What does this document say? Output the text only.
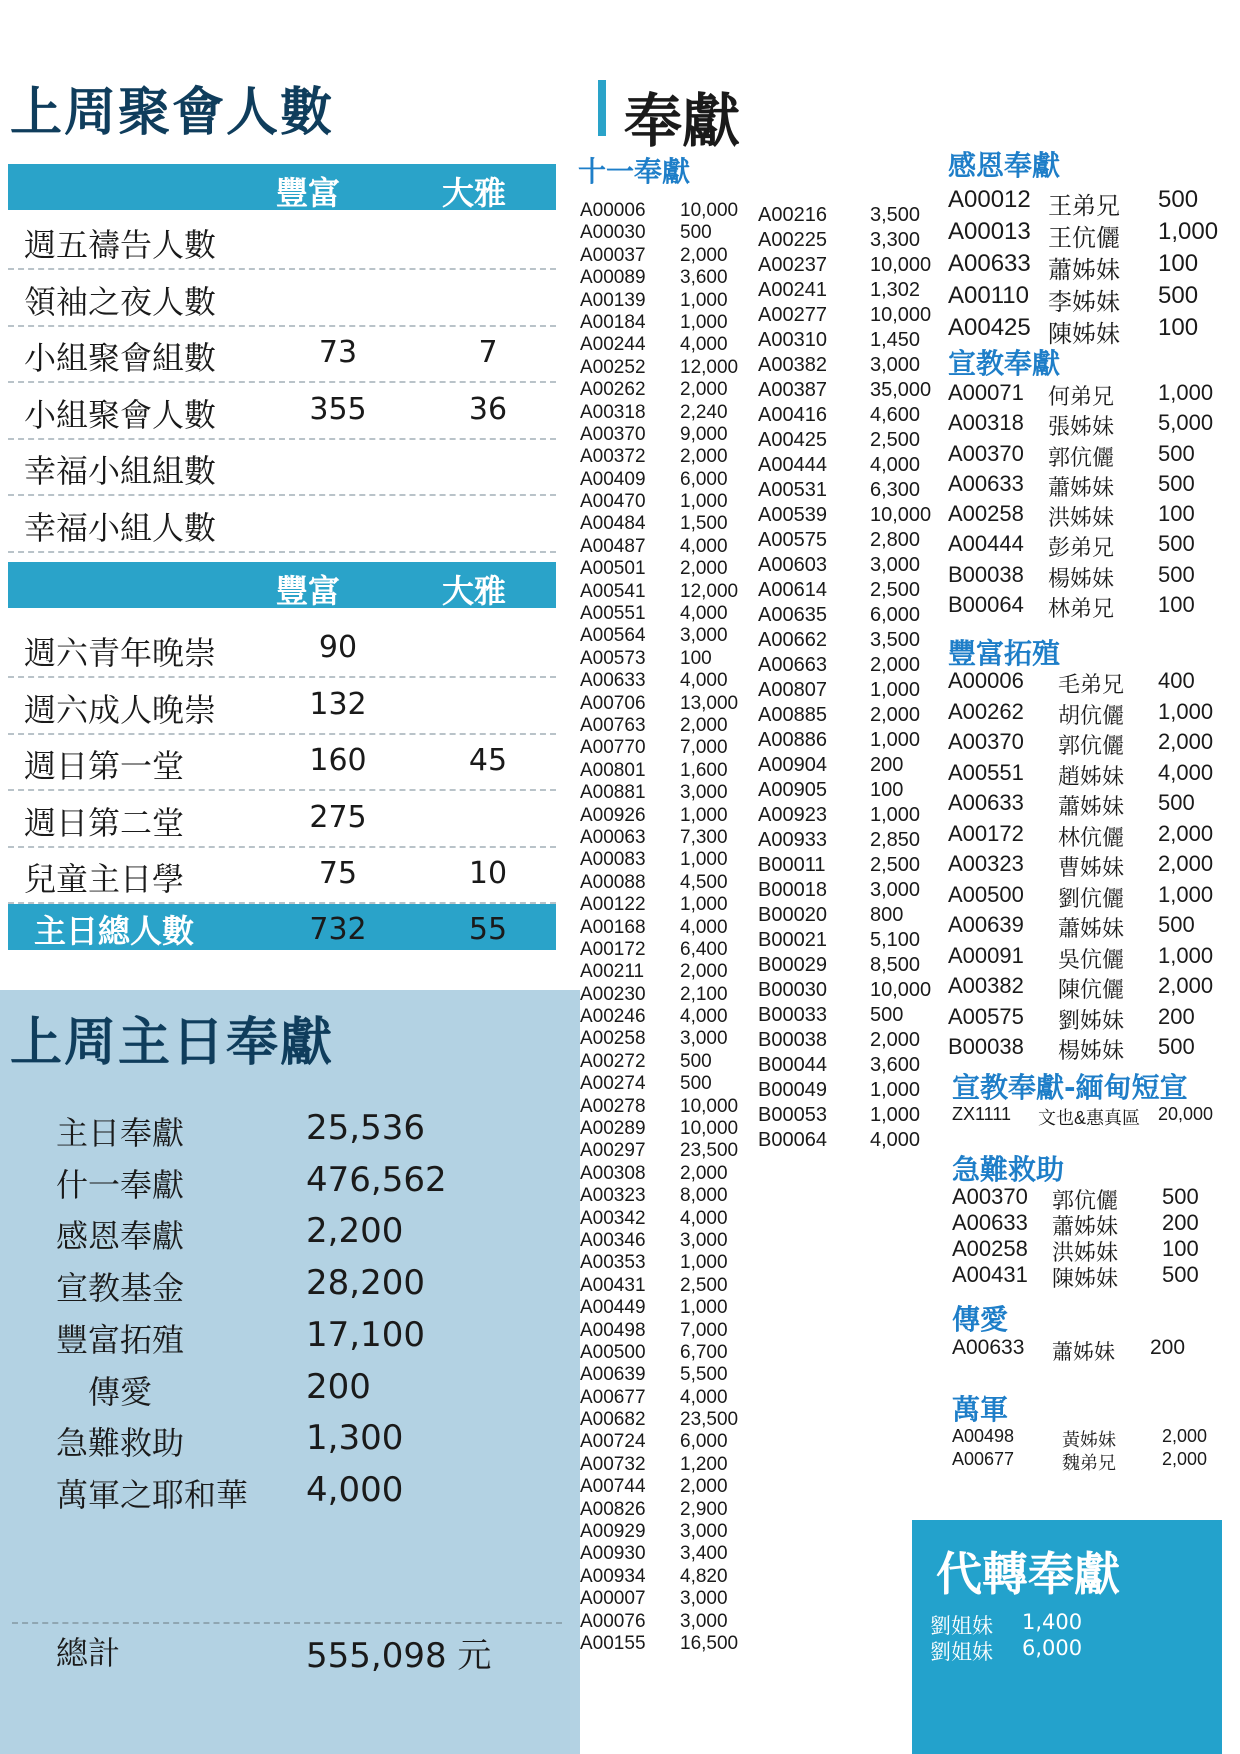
上周聚會人數
豐富	大雅
週五禱告人數
領袖之夜人數
小組聚會組數	73	7
小組聚會人數	355	36
幸福小組組數
幸福小組人數
豐富	大雅
週六青年晚崇	90
週六成人晚崇	132
週日第一堂	160	45
週日第二堂	275
兒童主日學	75	10
主日總人數	732	55
上周主日奉獻
主日奉獻	25,536
什一奉獻	476,562
感恩奉獻	2,200
宣教基金	28,200
豐富拓殖	17,100
傳愛	200
急難救助	1,300
萬軍之耶和華 4,000
總計	555,098 元
奉獻
十一奉獻
A00006 10,000
A00030 500
A00037 2,000
A00089 3,600
A00139 1,000
A00184 1,000
A00244 4,000
A00252 12,000
A00262 2,000
A00318 2,240
A00370 9,000
A00372 2,000
A00409 6,000
A00470 1,000
A00484 1,500
A00487 4,000
A00501 2,000
A00541 12,000
A00551 4,000
A00564 3,000
A00573 100
A00633 4,000
A00706 13,000
A00763 2,000
A00770 7,000
A00801 1,600
A00881 3,000
A00926 1,000
A00063 7,300
A00083 1,000
A00088 4,500
A00122 1,000
A00168 4,000
A00172 6,400
A00211 2,000
A00230 2,100
A00246 4,000
A00258 3,000
A00272 500
A00274 500
A00278 10,000
A00289 10,000
A00297 23,500
A00308 2,000
A00323 8,000
A00342 4,000
A00346 3,000
A00353 1,000
A00431 2,500
A00449 1,000
A00498 7,000
A00500 6,700
A00639 5,500
A00677 4,000
A00682 23,500
A00724 6,000
A00732 1,200
A00744 2,000
A00826 2,900
A00929 3,000
A00930 3,400
A00934 4,820
A00007 3,000
A00076 3,000
A00155 16,500
A00216 3,500
A00225 3,300
A00237 10,000
A00241 1,302
A00277 10,000
A00310 1,450
A00382 3,000
A00387 35,000
A00416 4,600
A00425 2,500
A00444 4,000
A00531 6,300
A00539 10,000
A00575 2,800
A00603 3,000
A00614 2,500
A00635 6,000
A00662 3,500
A00663 2,000
A00807 1,000
A00885 2,000
A00886 1,000
A00904 200
A00905 100
A00923 1,000
A00933 2,850
B00011 2,500
B00018 3,000
B00020 800
B00021 5,100
B00029 8,500
B00030 10,000
B00033 500
B00038 2,000
B00044 3,600
B00049 1,000
B00053 1,000
B00064 4,000
感恩奉獻
A00012 王弟兄 500
A00013 王伉儷 1,000
A00633 蕭姊妹 100
A00110 李姊妹 500
A00425 陳姊妹 100
宣教奉獻
A00071 何弟兄 1,000
A00318 張姊妹 5,000
A00370 郭伉儷 500
A00633 蕭姊妹 500
A00258 洪姊妹 100
A00444 彭弟兄 500
B00038 楊姊妹 500
B00064 林弟兄 100
豐富拓殖
A00006 毛弟兄 400
A00262 胡伉儷 1,000
A00370 郭伉儷 2,000
A00551 趙姊妹 4,000
A00633 蕭姊妹 500
A00172 林伉儷 2,000
A00323 曹姊妹 2,000
A00500 劉伉儷 1,000
A00639 蕭姊妹 500
A00091 吳伉儷 1,000
A00382 陳伉儷 2,000
A00575 劉姊妹 200
B00038 楊姊妹 500
宣教奉獻-緬甸短宣
ZX1111 文也&惠真區 20,000
急難救助
A00370 郭伉儷 500
A00633 蕭姊妹 200
A00258 洪姊妹 100
A00431 陳姊妹 500
傳愛
A00633 蕭姊妹 200
萬軍
A00498	黃姊妹	2,000
A00677	魏弟兄	2,000
代轉奉獻
劉姐妹 1,400
劉姐妹 6,000
